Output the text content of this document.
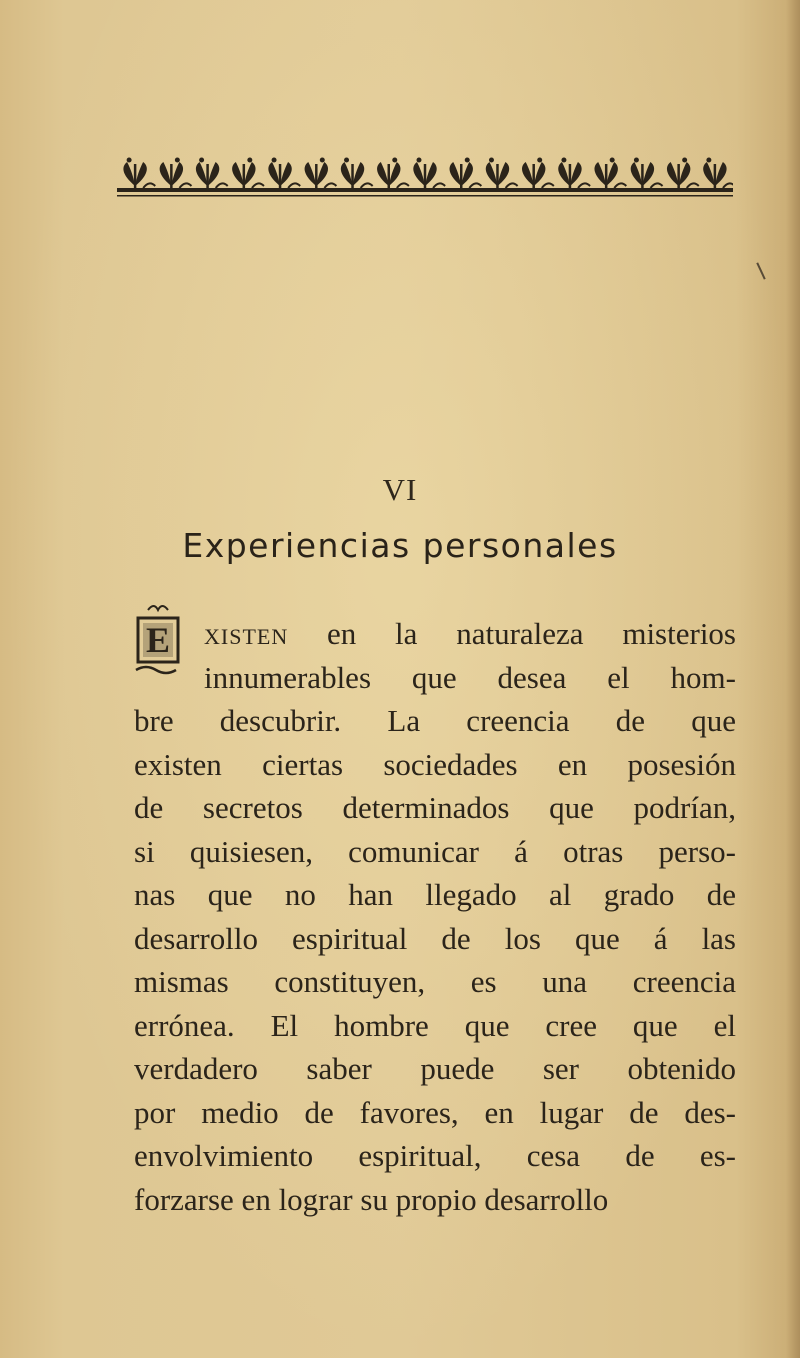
VI
Experiencias personales
E	xisten en la naturaleza misterios
innumerables que desea el hom-
bre descubrir. La creencia de que
existen ciertas sociedades en posesión
de secretos determinados que podrían,
si quisiesen, comunicar á otras perso-
nas que no han llegado al grado de
desarrollo espiritual de los que á las
mismas constituyen, es una creencia
errónea. El hombre que cree que el
verdadero saber puede ser obtenido
por medio de favores, en lugar de des-
envolvimiento espiritual, cesa de es-
forzarse en lograr su propio desarrollo
